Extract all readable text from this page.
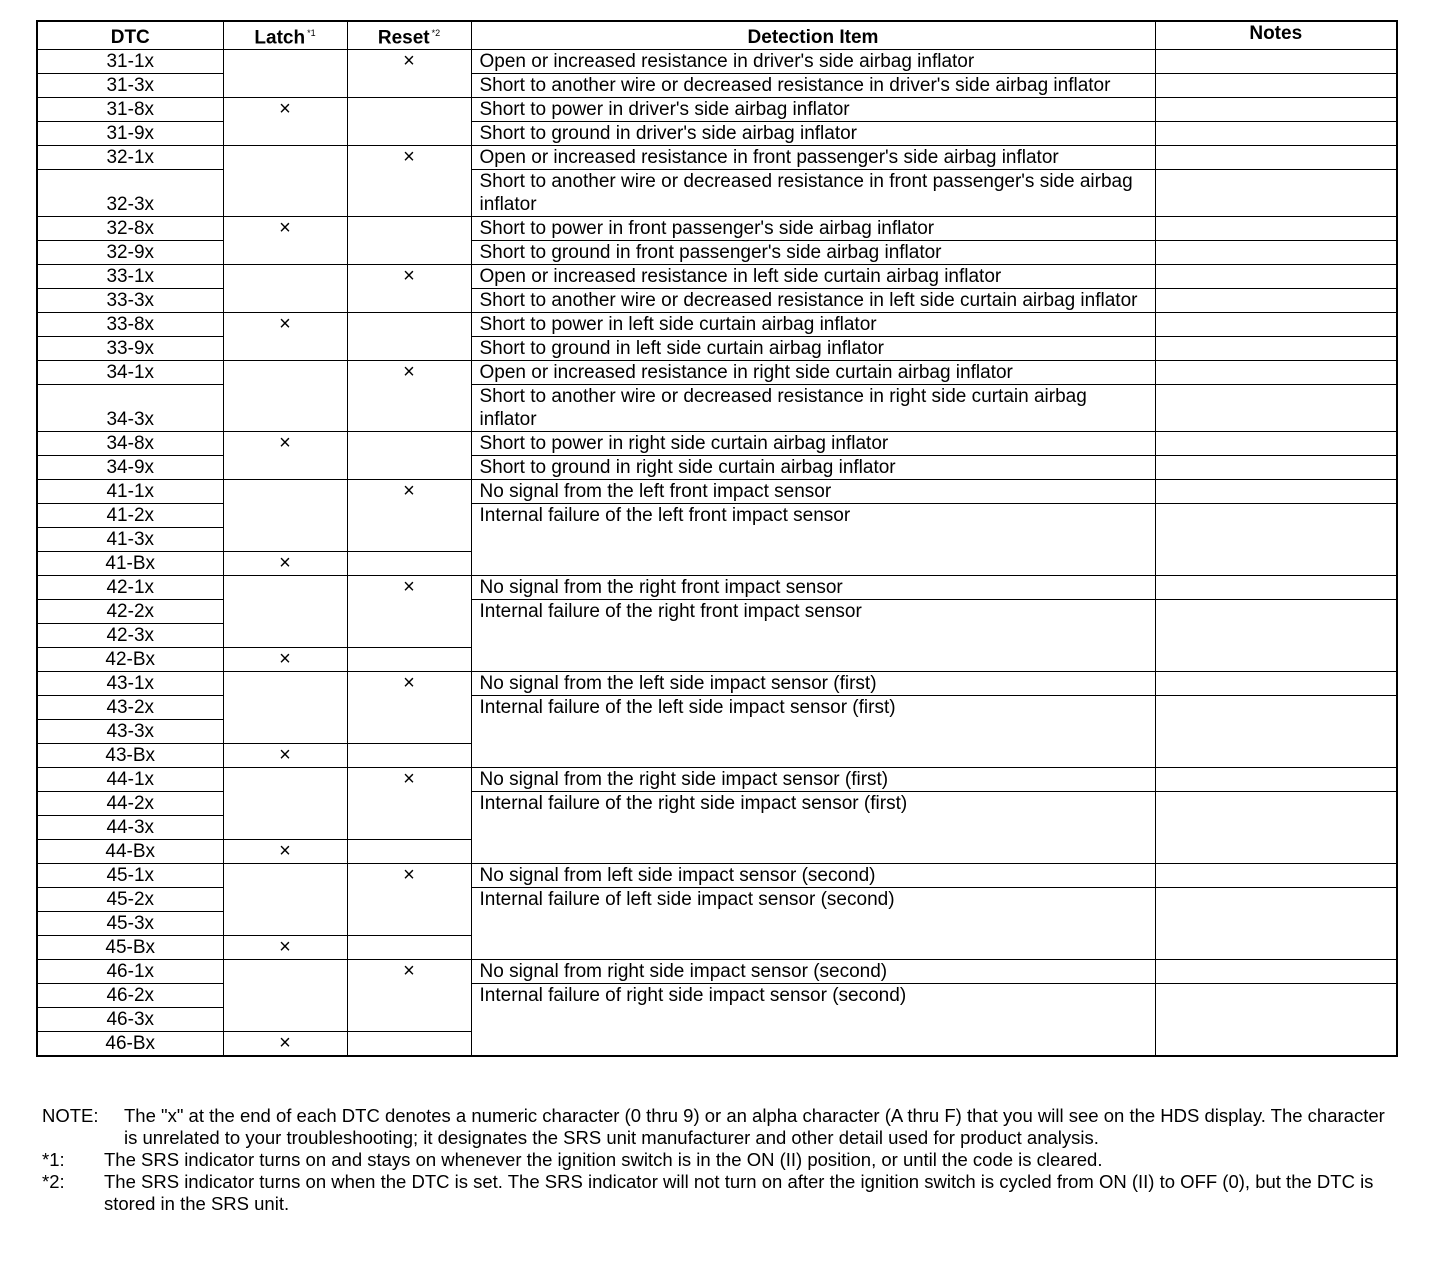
DTC	Latch $^{*1}$	Reset $^{*2}$	Detection Item	Notes
31-1x		×	Open or increased resistance in driver's side airbag inflator	
31-3x			Short to another wire or decreased resistance in driver's side airbag inflator	
31-8x	×		Short to power in driver's side airbag inflator	
31-9x			Short to ground in driver's side airbag inflator	
32-1x		×	Open or increased resistance in front passenger's side airbag inflator	
32-3x			Short to another wire or decreased resistance in front passenger's side airbag inflator	
32-8x	×		Short to power in front passenger's side airbag inflator	
32-9x			Short to ground in front passenger's side airbag inflator	
33-1x		×	Open or increased resistance in left side curtain airbag inflator	
33-3x			Short to another wire or decreased resistance in left side curtain airbag inflator	
33-8x	×		Short to power in left side curtain airbag inflator	
33-9x			Short to ground in left side curtain airbag inflator	
34-1x		×	Open or increased resistance in right side curtain airbag inflator	
34-3x			Short to another wire or decreased resistance in right side curtain airbag inflator	
34-8x	×		Short to power in right side curtain airbag inflator	
34-9x			Short to ground in right side curtain airbag inflator	
41-1x		×	No signal from the left front impact sensor	
41-2x			Internal failure of the left front impact sensor	
41-3x				
41-Bx	×			
42-1x		×	No signal from the right front impact sensor	
42-2x			Internal failure of the right front impact sensor	
42-3x				
42-Bx	×			
43-1x		×	No signal from the left side impact sensor (first)	
43-2x			Internal failure of the left side impact sensor (first)	
43-3x				
43-Bx	×			
44-1x		×	No signal from the right side impact sensor (first)	
44-2x			Internal failure of the right side impact sensor (first)	
44-3x				
44-Bx	×			
45-1x		×	No signal from left side impact sensor (second)	
45-2x			Internal failure of left side impact sensor (second)	
45-3x				
45-Bx	×			
46-1x		×	No signal from right side impact sensor (second)	
46-2x			Internal failure of right side impact sensor (second)	
46-3x				
46-Bx	×			
NOTE:	The "x" at the end of each DTC denotes a numeric character (0 thru 9) or an alpha character (A thru F) that you will see on the HDS display. The character is unrelated to your troubleshooting; it designates the SRS unit manufacturer and other detail used for product analysis.
*1:	The SRS indicator turns on and stays on whenever the ignition switch is in the ON (II) position, or until the code is cleared.
*2:	The SRS indicator turns on when the DTC is set. The SRS indicator will not turn on after the ignition switch is cycled from ON (II) to OFF (0), but the DTC is stored in the SRS unit.
